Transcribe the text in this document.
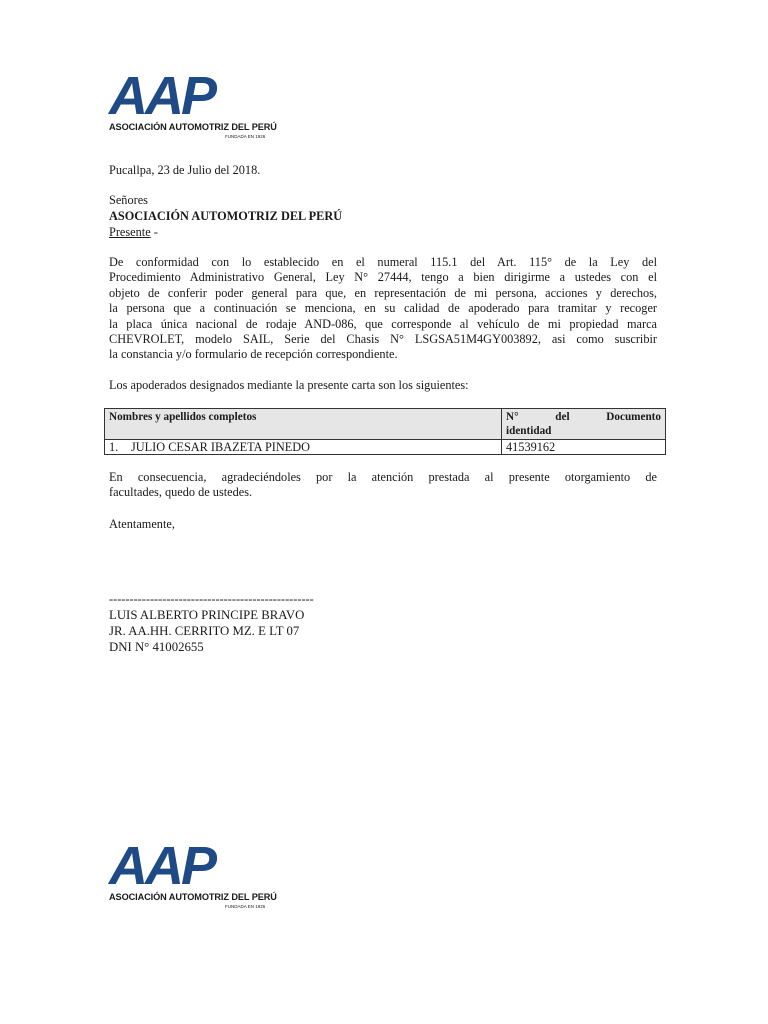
AAP
ASOCIACIÓN AUTOMOTRIZ DEL PERÚ
FUNDADA EN 1926
Pucallpa, 23 de Julio del 2018.
Señores
ASOCIACIÓN AUTOMOTRIZ DEL PERÚ
Presente -
De conformidad con lo establecido en el numeral 115.1 del Art. 115° de la Ley del
Procedimiento Administrativo General, Ley N° 27444, tengo a bien dirigirme a ustedes con el
objeto de conferir poder general para que, en representación de mi persona, acciones y derechos,
la persona que a continuación se menciona, en su calidad de apoderado para tramitar y recoger
la placa única nacional de rodaje AND-086, que corresponde al vehículo de mi propiedad marca
CHEVROLET, modelo SAIL, Serie del Chasis N° LSGSA51M4GY003892, asi como suscribir
la constancia y/o formulario de recepción correspondiente.
Los apoderados designados mediante la presente carta son los siguientes:
Nombres y apellidos completos	N° del Documento
identidad
1. JULIO CESAR IBAZETA PINEDO	41539162
En consecuencia, agradeciéndoles por la atención prestada al presente otorgamiento de
facultades, quedo de ustedes.
Atentamente,
--------------------------------------------------
LUIS ALBERTO PRINCIPE BRAVO
JR. AA.HH. CERRITO MZ. E LT 07
DNI N° 41002655
AAP
ASOCIACIÓN AUTOMOTRIZ DEL PERÚ
FUNDADA EN 1926
